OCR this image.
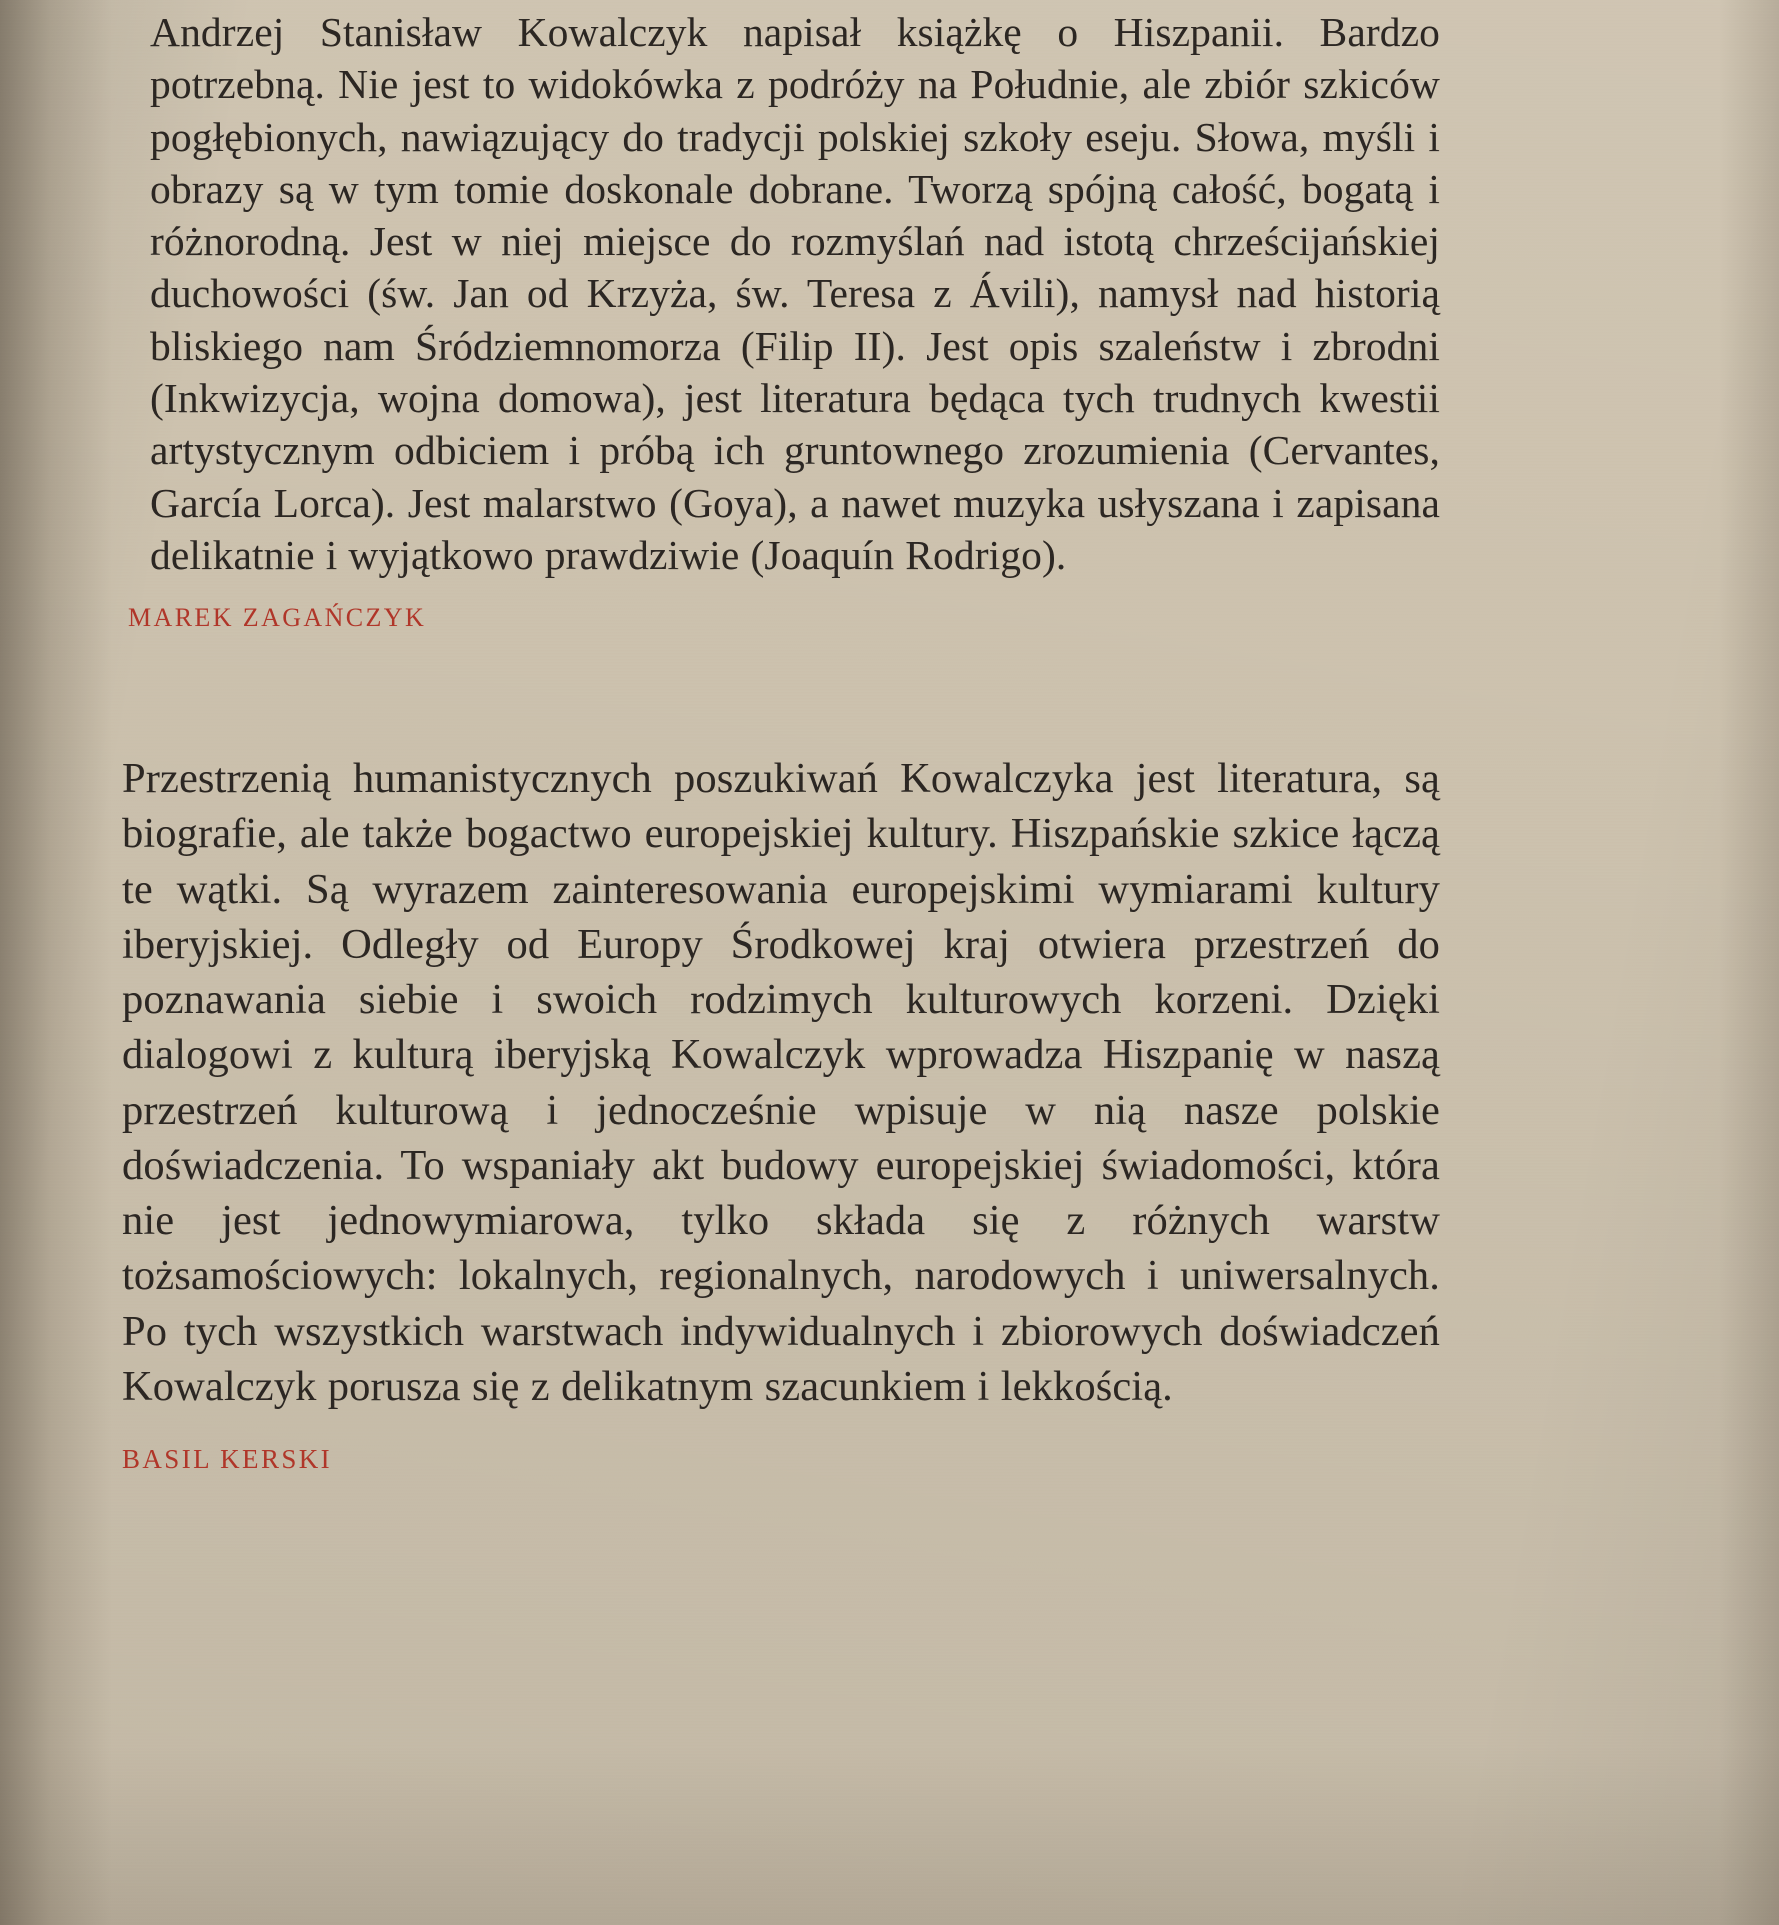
Andrzej Stanisław Kowalczyk napisał książkę o Hiszpanii. Bardzo potrzebną. Nie jest to widokówka z podróży na Południe, ale zbiór szkiców pogłębionych, nawiązujący do tradycji polskiej szkoły eseju. Słowa, myśli i obrazy są w tym tomie doskonale dobrane. Tworzą spójną całość, bogatą i różnorodną. Jest w niej miejsce do rozmyślań nad istotą chrześcijańskiej duchowości (św. Jan od Krzyża, św. Teresa z Ávili), namysł nad historią bliskiego nam Śródziemnomorza (Filip II). Jest opis szaleństw i zbrodni (Inkwizycja, wojna domowa), jest literatura będąca tych trudnych kwestii artystycznym odbiciem i próbą ich gruntownego zrozumienia (Cervantes, García Lorca). Jest malarstwo (Goya), a nawet muzyka usłyszana i zapisana delikatnie i wyjątkowo prawdziwie (Joaquín Rodrigo).

MAREK ZAGAŃCZYK

Przestrzenią humanistycznych poszukiwań Kowalczyka jest literatura, są biografie, ale także bogactwo europejskiej kultury. Hiszpańskie szkice łączą te wątki. Są wyrazem zainteresowania europejskimi wymiarami kultury iberyjskiej. Odległy od Europy Środkowej kraj otwiera przestrzeń do poznawania siebie i swoich rodzimych kulturowych korzeni. Dzięki dialogowi z kulturą iberyjską Kowalczyk wprowadza Hiszpanię w naszą przestrzeń kulturową i jednocześnie wpisuje w nią nasze polskie doświadczenia. To wspaniały akt budowy europejskiej świadomości, która nie jest jednowymiarowa, tylko składa się z różnych warstw tożsamościowych: lokalnych, regionalnych, narodowych i uniwersalnych. Po tych wszystkich warstwach indywidualnych i zbiorowych doświadczeń Kowalczyk porusza się z delikatnym szacunkiem i lekkością.

BASIL KERSKI
